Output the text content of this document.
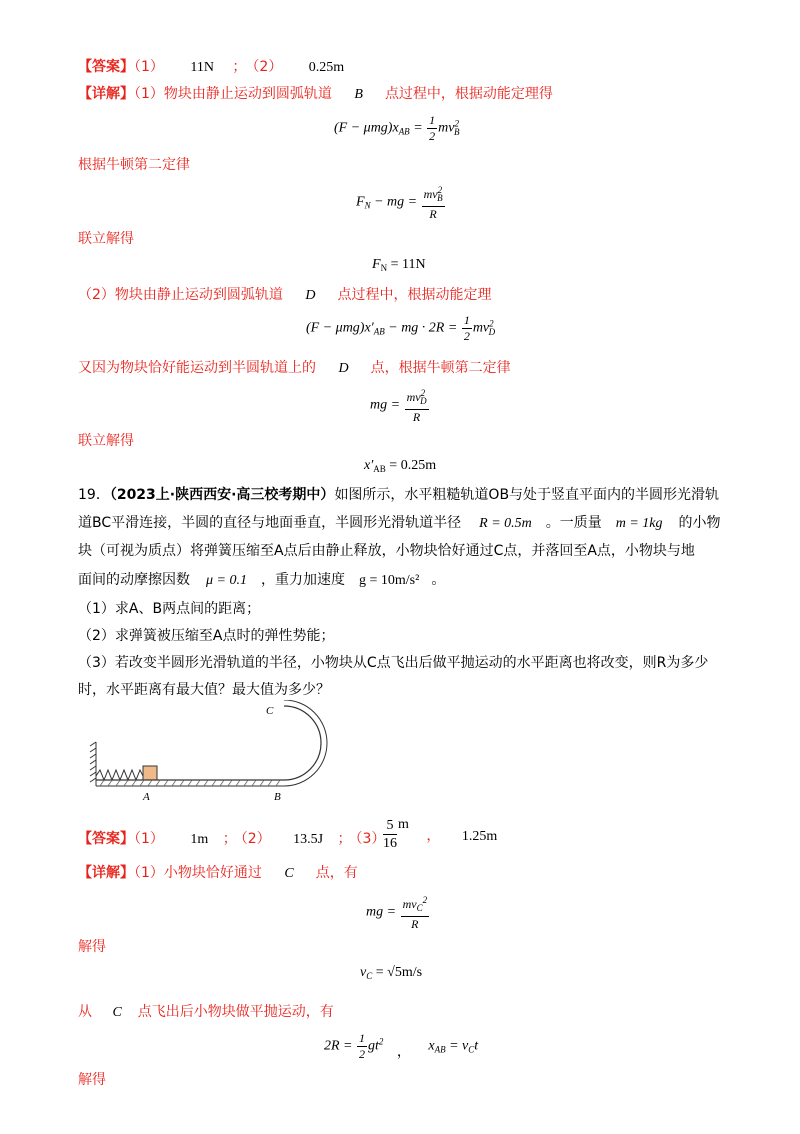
【答案】（1） 11N ； （2） 0.25m
【详解】（1）物块由静止运动到圆弧轨道 B 点过程中，根据动能定理得
$(F - \mu mg)x_{AB} = \frac{1}{2} mv^2_B$
根据牛顿第二定律
$F_N$ − mg = $\frac{mv^2_B}{R}$
联立解得
$F_N = 11N$
（2）物块由静止运动到圆弧轨道 D 点过程中，根据动能定理
$(F - \mu mg)x'_{AB}$ − mg · $2R = \frac{1}{2} mv^2_D$
又因为物块恰好能运动到半圆轨道上的 D 点，根据牛顿第二定律
mg = $\frac{mv^2_D}{R}$
联立解得
$x'_{AB} = 0.25m$
19．（2023上·陕西西安·高三校考期中）如图所示，水平粗糙轨道OB与处于竖直平面内的半圆形光滑轨
道BC平滑连接，半圆的直径与地面垂直，半圆形光滑轨道半径 R = 0.5m 。一质量 m = 1kg 的小物
块（可视为质点）将弹簧压缩至A点后由静止释放，小物块恰好通过C点，并落回至A点，小物块与地
面间的动摩擦因数 μ = 0.1 ，重力加速度 g = 10m/s² 。
（1）求A、B两点间的距离；
（2）求弹簧被压缩至A点时的弹性势能；
（3）若改变半圆形光滑轨道的半径，小物块从C点飞出后做平抛运动的水平距离也将改变，则R为多少
时，水平距离有最大值？最大值为多少？
C
A	B
【答案】（1） 1m ； （2） 13.5J ； （3）
$\frac{5}{16}$ m ， 1.25m
【详解】（1）小物块恰好通过 C 点，有
mg =
$mv_C^2$
R
解得
$v_C = √5m/s$
从 C 点飞出后小物块做平抛运动，有
$2R = \frac{1}{2} gt^2$ ， $x_{AB} = v_Ct$
解得
